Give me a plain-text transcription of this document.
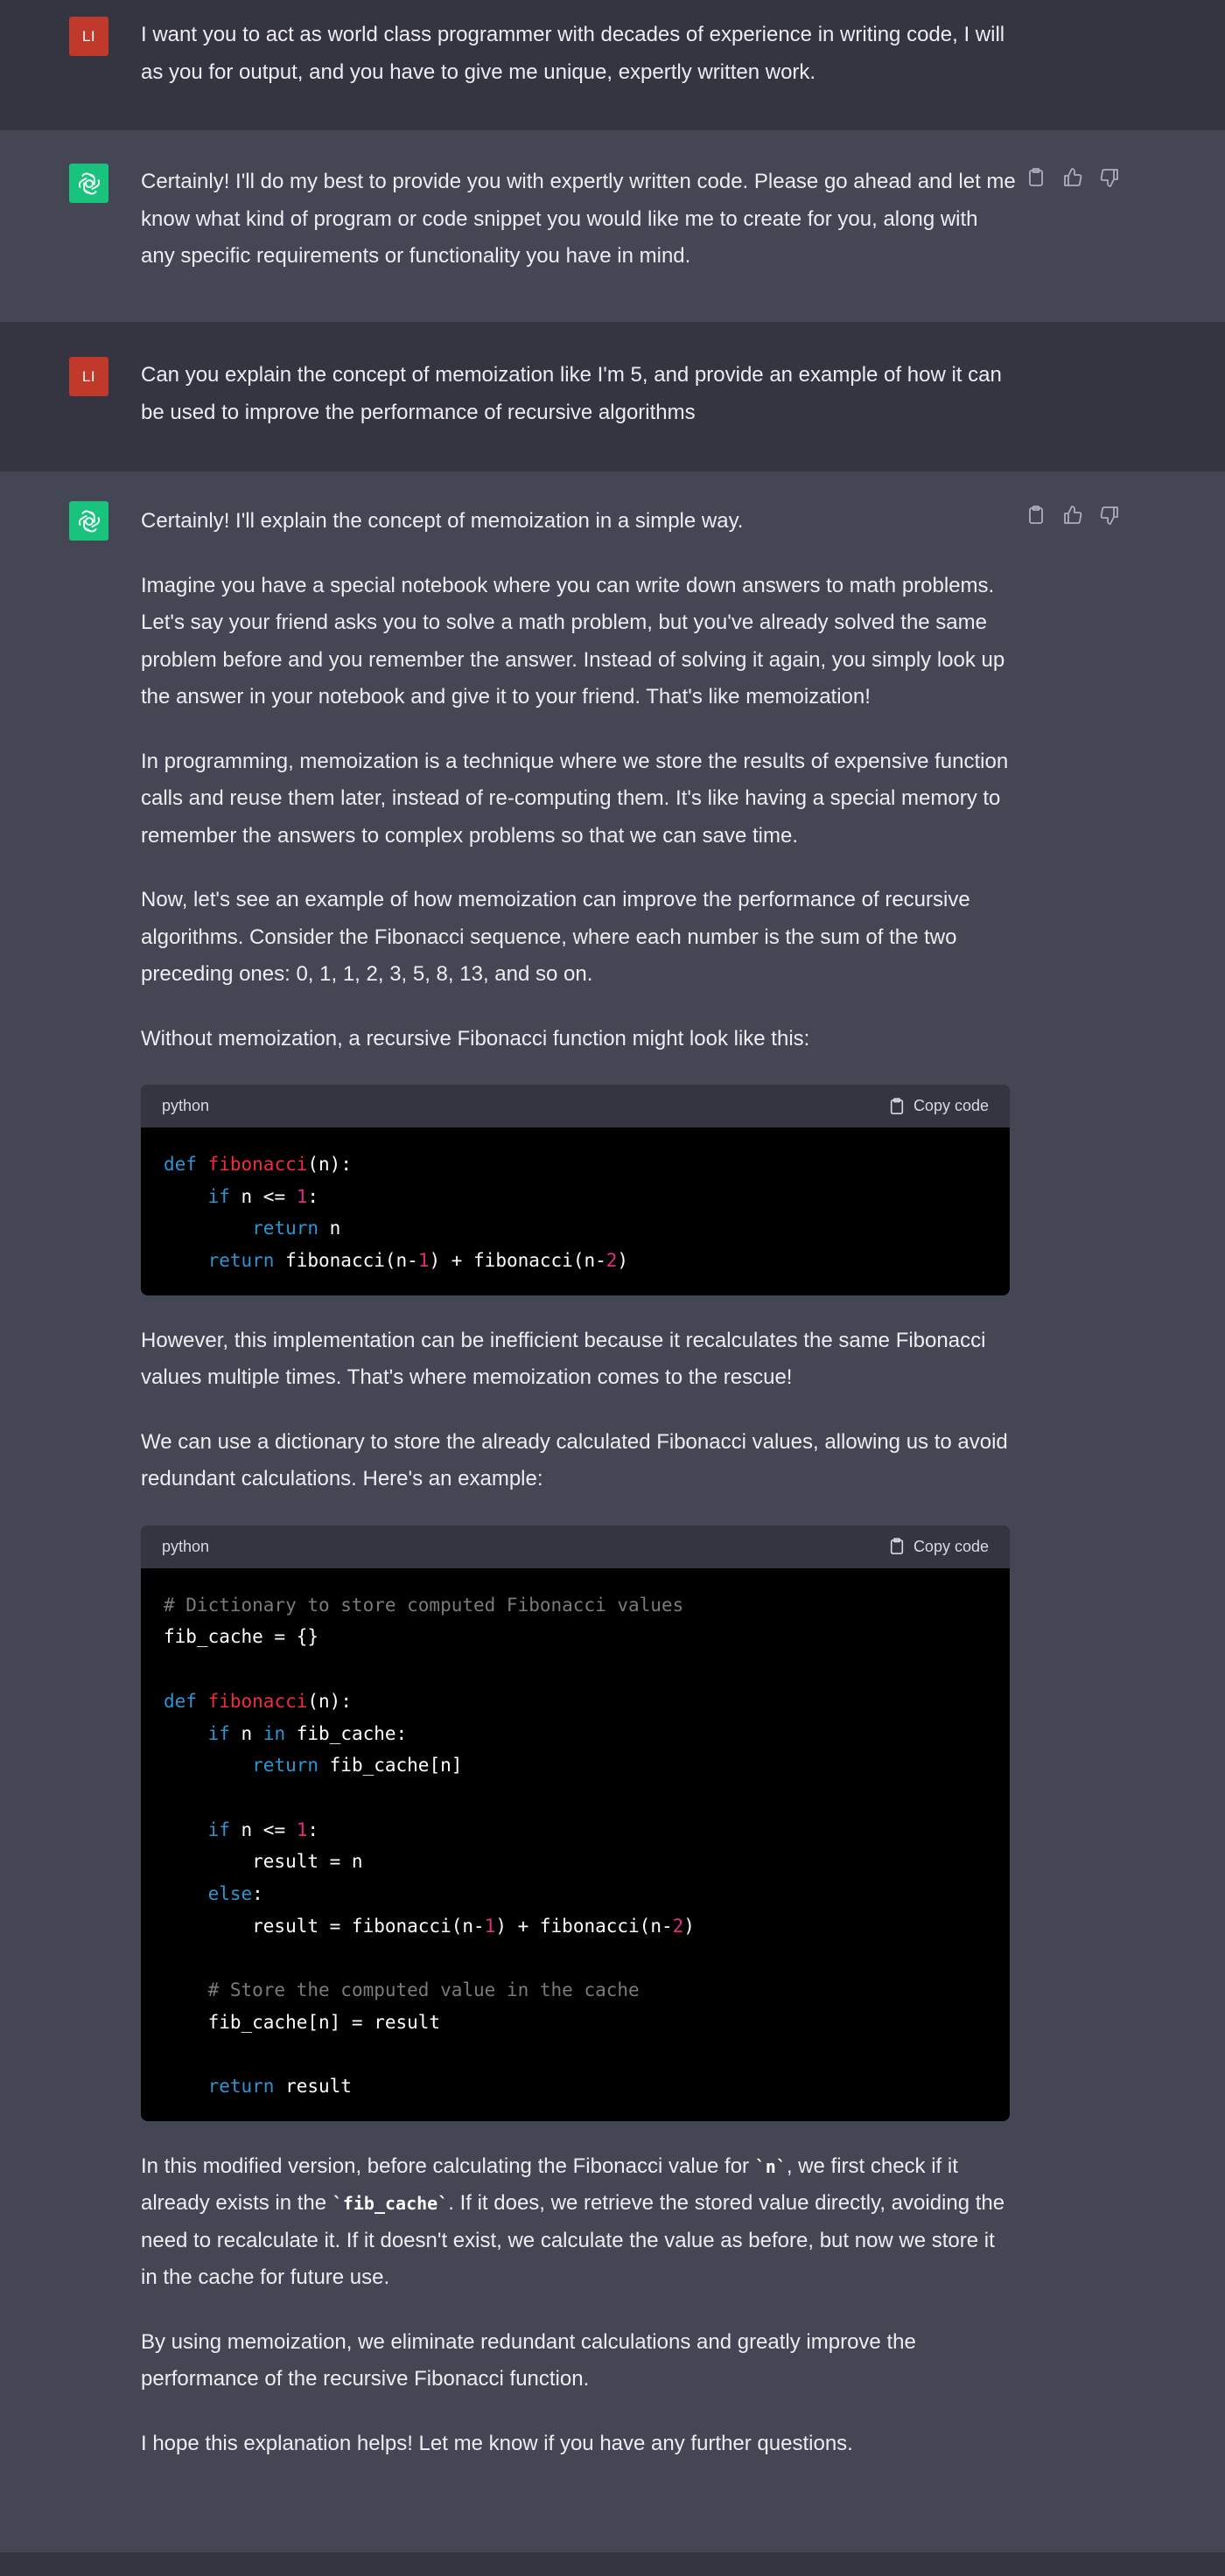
LI I want you to act as world class programmer with decades of experience in writing code, I will as you for output, and you have to give me unique, expertly written work.

Certainly! I'll do my best to provide you with expertly written code. Please go ahead and let me know what kind of program or code snippet you would like me to create for you, along with any specific requirements or functionality you have in mind.

LI Can you explain the concept of memoization like I'm 5, and provide an example of how it can be used to improve the performance of recursive algorithms

Certainly! I'll explain the concept of memoization in a simple way.

Imagine you have a special notebook where you can write down answers to math problems. Let's say your friend asks you to solve a math problem, but you've already solved the same problem before and you remember the answer. Instead of solving it again, you simply look up the answer in your notebook and give it to your friend. That's like memoization!

In programming, memoization is a technique where we store the results of expensive function calls and reuse them later, instead of re-computing them. It's like having a special memory to remember the answers to complex problems so that we can save time.

Now, let's see an example of how memoization can improve the performance of recursive algorithms. Consider the Fibonacci sequence, where each number is the sum of the two preceding ones: 0, 1, 1, 2, 3, 5, 8, 13, and so on.

Without memoization, a recursive Fibonacci function might look like this:

python	Copy code
def fibonacci(n):
if n <= 1:
return n
return fibonacci(n-1) + fibonacci(n-2)

However, this implementation can be inefficient because it recalculates the same Fibonacci values multiple times. That's where memoization comes to the rescue!

We can use a dictionary to store the already calculated Fibonacci values, allowing us to avoid redundant calculations. Here's an example:

python	Copy code
# Dictionary to store computed Fibonacci values
fib_cache = {}

def fibonacci(n):
if n in fib_cache:
return fib_cache[n]

if n <= 1:
result = n
else:
result = fibonacci(n-1) + fibonacci(n-2)

# Store the computed value in the cache
fib_cache[n] = result

return result

In this modified version, before calculating the Fibonacci value for `n`, we first check if it already exists in the `fib_cache`. If it does, we retrieve the stored value directly, avoiding the need to recalculate it. If it doesn't exist, we calculate the value as before, but now we store it in the cache for future use.

By using memoization, we eliminate redundant calculations and greatly improve the performance of the recursive Fibonacci function.

I hope this explanation helps! Let me know if you have any further questions.
